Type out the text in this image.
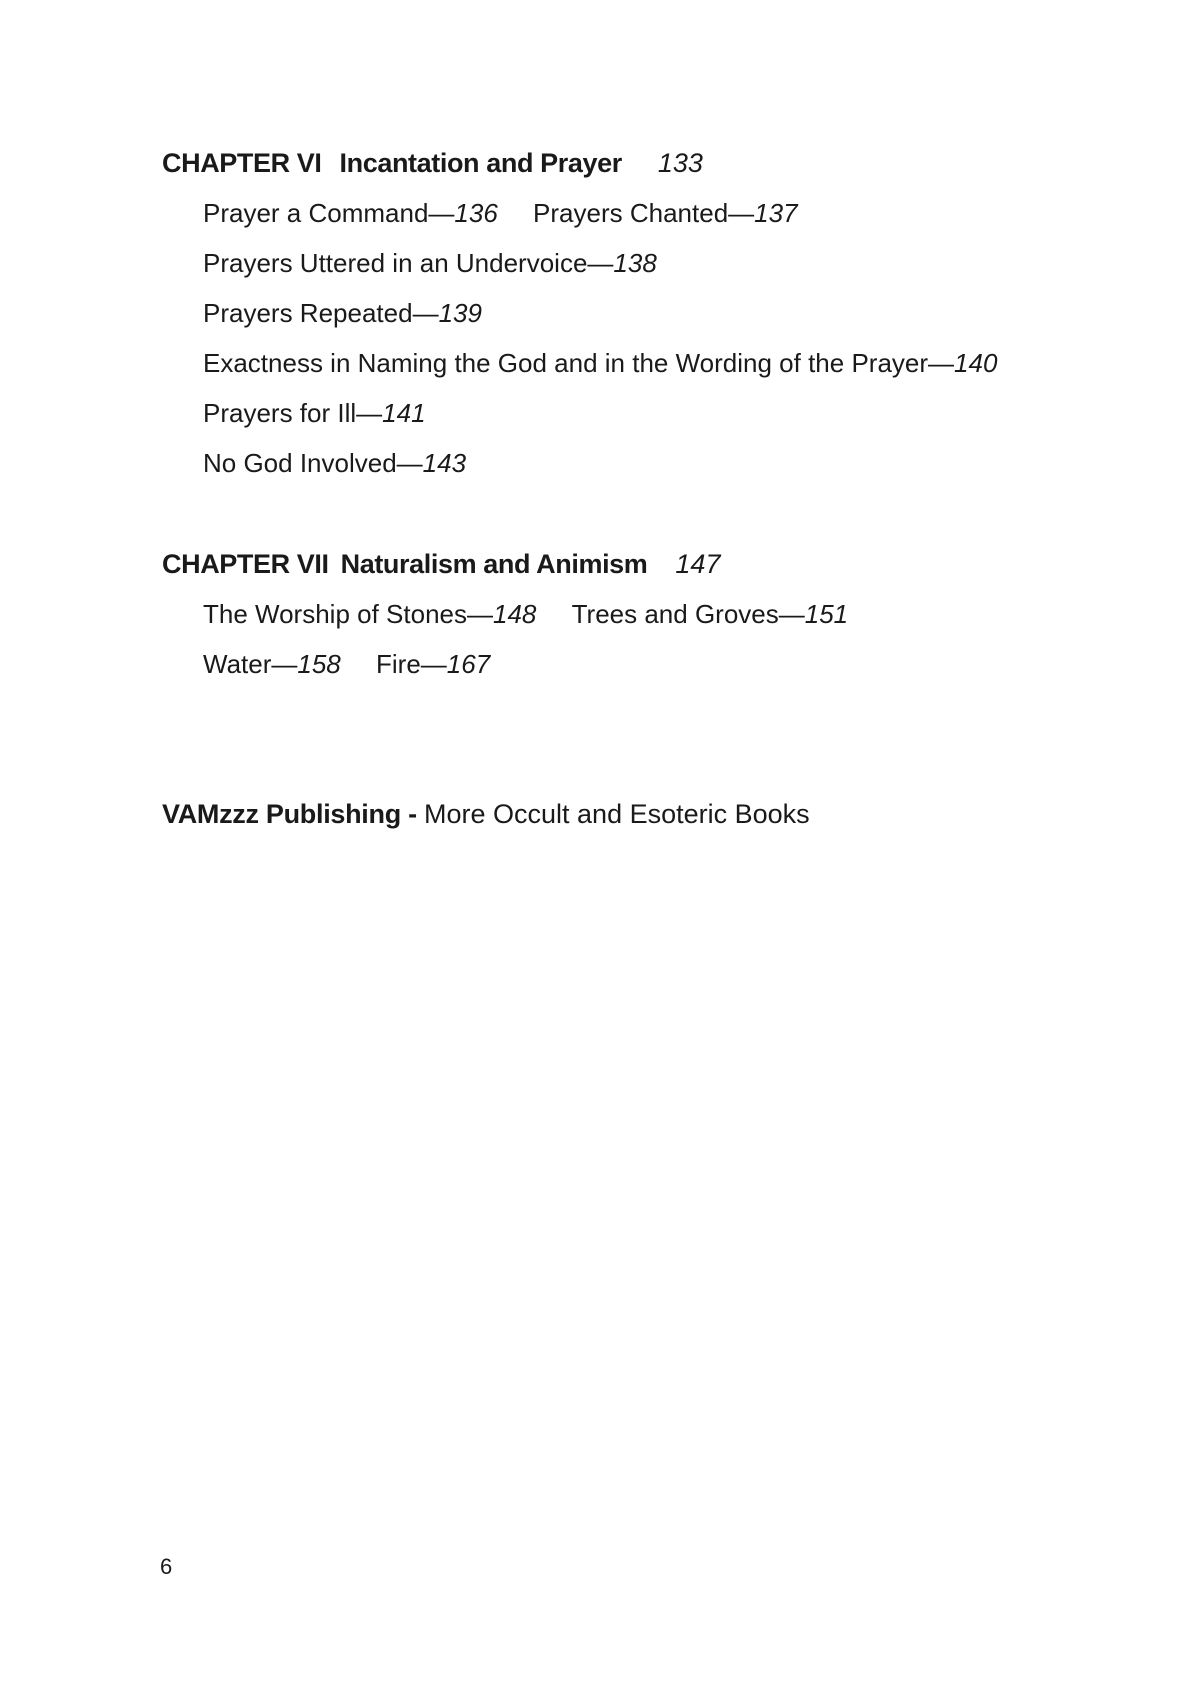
CHAPTER VI Incantation and Prayer 133
Prayer a Command—136 Prayers Chanted—137
Prayers Uttered in an Undervoice—138
Prayers Repeated—139
Exactness in Naming the God and in the Wording of the Prayer—140
Prayers for Ill—141
No God Involved—143
CHAPTER VII Naturalism and Animism 147
The Worship of Stones—148 Trees and Groves—151
Water—158 Fire—167
VAMzzz Publishing - More Occult and Esoteric Books
6
